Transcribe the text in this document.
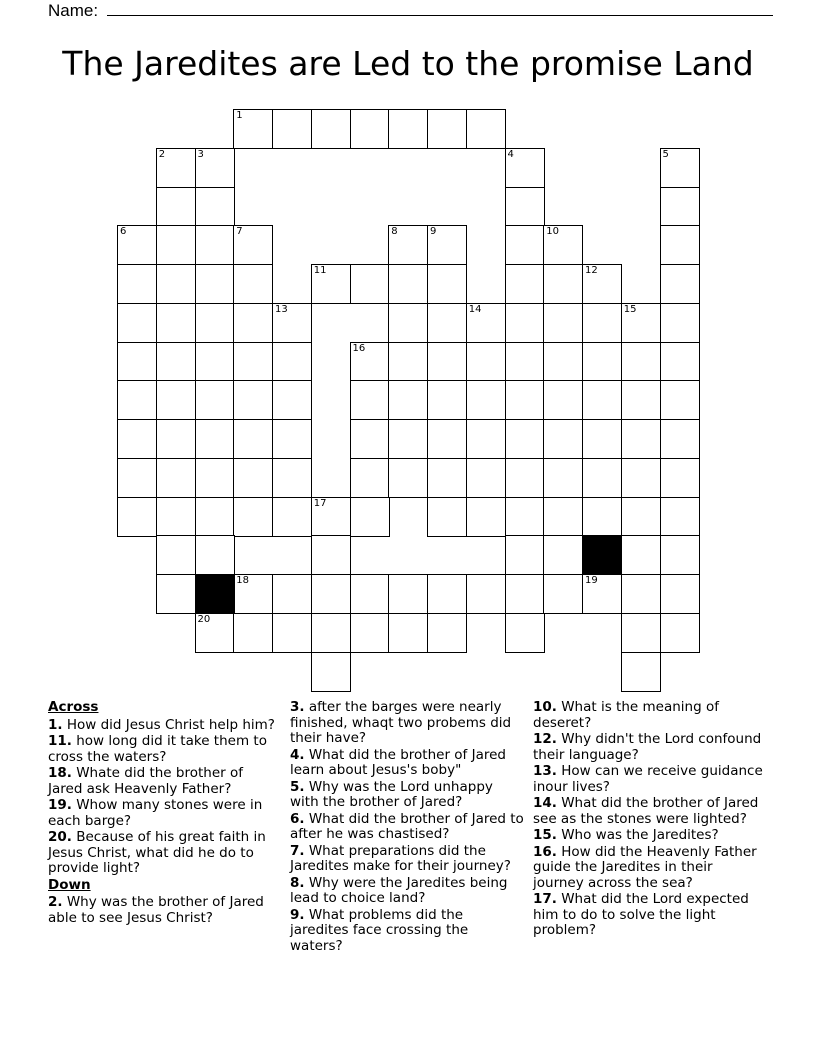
Name:
The Jaredites are Led to the promise Land
1
2	3	4	5
6	7	8	9	10
11	12
13	14	15
16
17
18	19
20
Across
1. How did Jesus Christ help him?
11. how long did it take them to cross the waters?
18. Whate did the brother of Jared ask Heavenly Father?
19. Whow many stones were in each barge?
20. Because of his great faith in Jesus Christ, what did he do to provide light?
Down
2. Why was the brother of Jared able to see Jesus Christ?
3. after the barges were nearly finished, whaqt two probems did their have?
4. What did the brother of Jared learn about Jesus's boby"
5. Why was the Lord unhappy with the brother of Jared?
6. What did the brother of Jared to after he was chastised?
7. What preparations did the Jaredites make for their journey?
8. Why were the Jaredites being lead to choice land?
9. What problems did the jaredites face crossing the waters?
10. What is the meaning of deseret?
12. Why didn't the Lord confound their language?
13. How can we receive guidance inour lives?
14. What did the brother of Jared see as the stones were lighted?
15. Who was the Jaredites?
16. How did the Heavenly Father guide the Jaredites in their journey across the sea?
17. What did the Lord expected him to do to solve the light problem?
